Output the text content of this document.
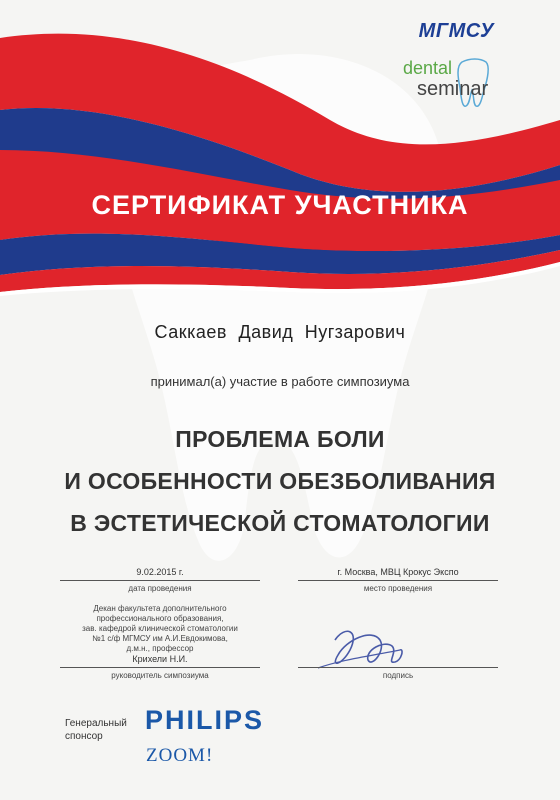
МГМСУ
dental
seminar
СЕРТИФИКАТ УЧАСТНИКА
Саккаев Давид Нугзарович
принимал(а) участие в работе симпозиума
ПРОБЛЕМА БОЛИ
И ОСОБЕННОСТИ ОБЕЗБОЛИВАНИЯ
В ЭСТЕТИЧЕСКОЙ СТОМАТОЛОГИИ
9.02.2015 г.
дата проведения
г. Москва, МВЦ Крокус Экспо
место проведения
Декан факультета дополнительного
профессионального образования,
зав. кафедрой клинической стоматологии
№1 с/ф МГМСУ им А.И.Евдокимова,
д.м.н., профессор
Крихели Н.И.
руководитель симпозиума	подпись
Генеральный
спонсор
PHILIPS
ZOOM!
